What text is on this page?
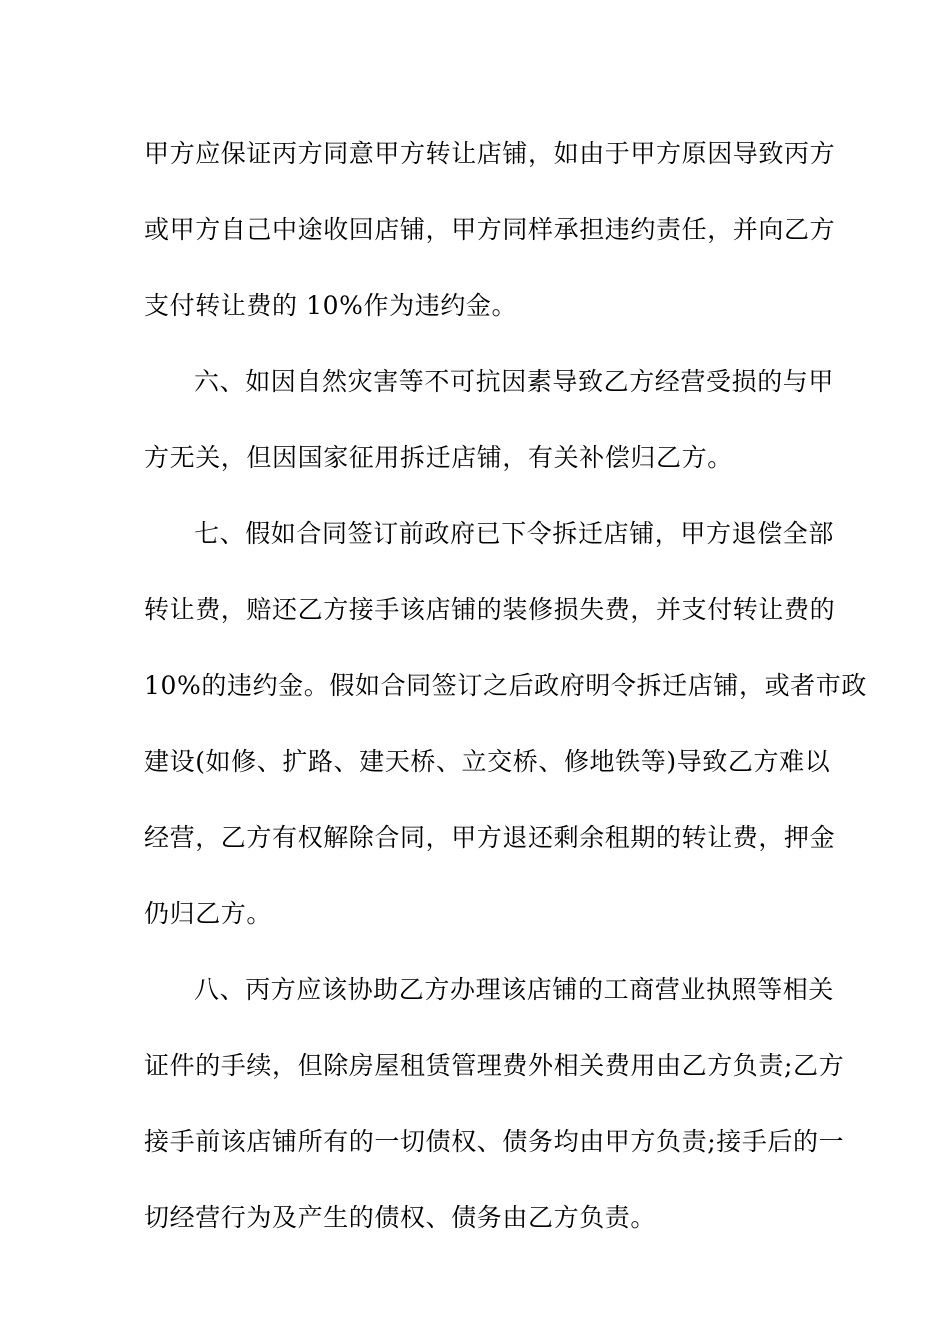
甲方应保证丙方同意甲方转让店铺，如由于甲方原因导致丙方
或甲方自己中途收回店铺，甲方同样承担违约责任，并向乙方
支付转让费的 10%作为违约金。
六、如因自然灾害等不可抗因素导致乙方经营受损的与甲
方无关，但因国家征用拆迁店铺，有关补偿归乙方。
七、假如合同签订前政府已下令拆迁店铺，甲方退偿全部
转让费，赔还乙方接手该店铺的装修损失费，并支付转让费的
10%的违约金。假如合同签订之后政府明令拆迁店铺，或者市政
建设(如修、扩路、建天桥、立交桥、修地铁等)导致乙方难以
经营，乙方有权解除合同，甲方退还剩余租期的转让费，押金
仍归乙方。
八、丙方应该协助乙方办理该店铺的工商营业执照等相关
证件的手续，但除房屋租赁管理费外相关费用由乙方负责;乙方
接手前该店铺所有的一切债权、债务均由甲方负责;接手后的一
切经营行为及产生的债权、债务由乙方负责。
